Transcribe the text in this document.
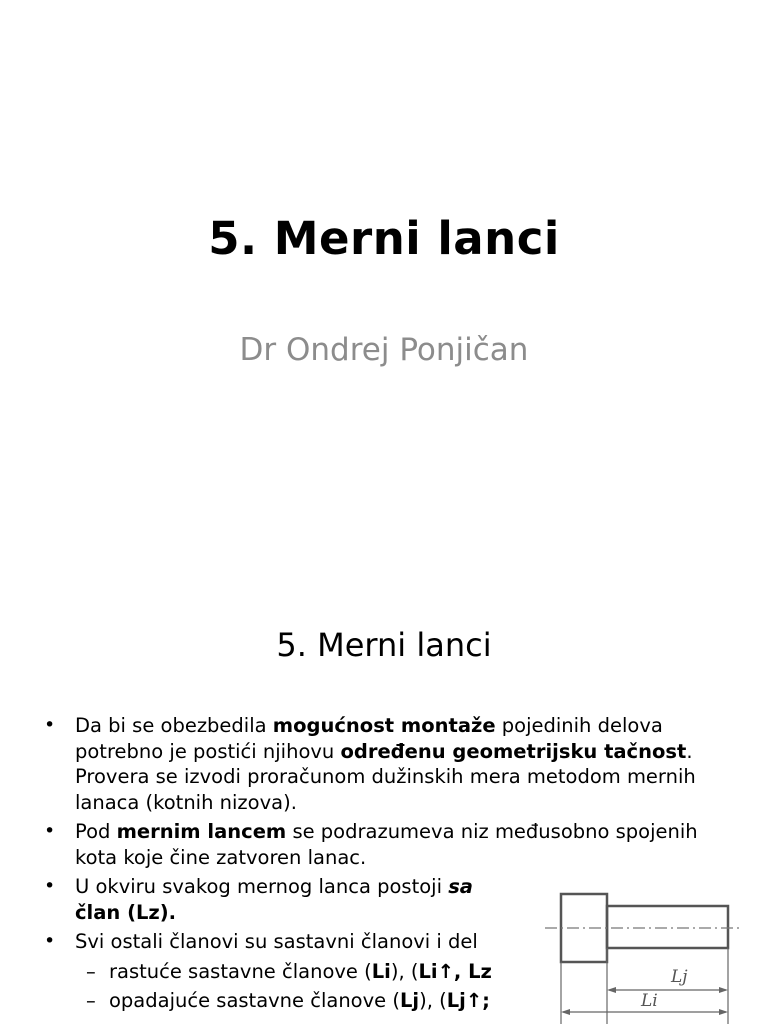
5. Merni lanci
Dr Ondrej Ponjičan
5. Merni lanci
• Da bi se obezbedila mogućnost montaže pojedinih delova potrebno je postići njihovu određenu geometrijsku tačnost. Provera se izvodi proračunom dužinskih mera metodom mernih lanaca (kotnih nizova).
• Pod mernim lancem se podrazumeva niz međusobno spojenih kota koje čine zatvoren lanac.
• U okviru svakog mernog lanca postoji sa
član (Lz).
• Svi ostali članovi su sastavni članovi i del
– rastuće sastavne članove (Li), (Li↑, Lz
– opadajuće sastavne članove (Lj), (Lj↑;
Lj
Li
